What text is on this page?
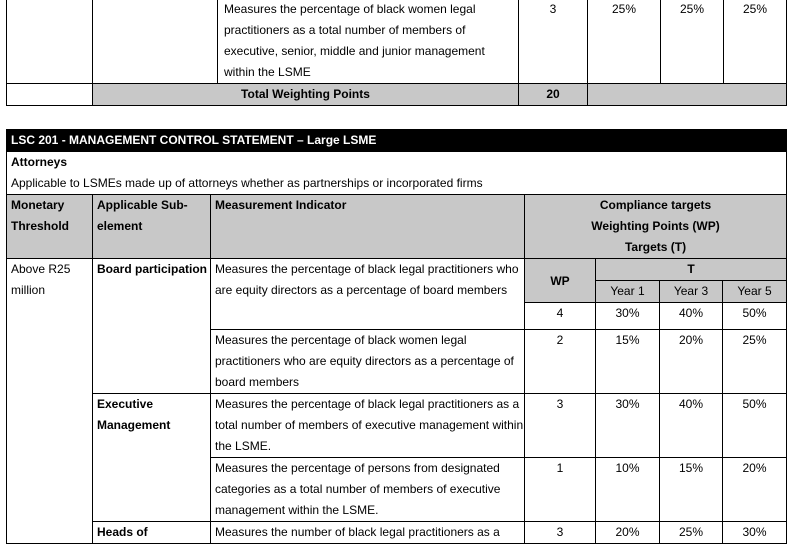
		Measures the percentage of black women legal practitioners as a total number of members of executive, senior, middle and junior management within the LSME	3	25%	25%	25%
	Total Weighting Points		20			
LSC 201 - MANAGEMENT CONTROL STATEMENT – Large LSME						
Attorneys						
Applicable to LSMEs made up of attorneys whether as partnerships or incorporated firms						
Monetary Threshold	Applicable Sub-element	Measurement Indicator	Compliance targets			
			Weighting Points (WP)			
			Targets (T)			
Above R25 million	Board participation	Measures the percentage of black legal practitioners who are equity directors as a percentage of board members	WP	T		
				Year 1	Year 3	Year 5
			4	30%	40%	50%
		Measures the percentage of black women legal practitioners who are equity directors as a percentage of board members	2	15%	20%	25%
	Executive Management	Measures the percentage of black legal practitioners as a total number of members of executive management within the LSME.	3	30%	40%	50%
		Measures the percentage of persons from designated categories as a total number of members of executive management within the LSME.	1	10%	15%	20%
	Heads of	Measures the number of black legal practitioners as a	3	20%	25%	30%
